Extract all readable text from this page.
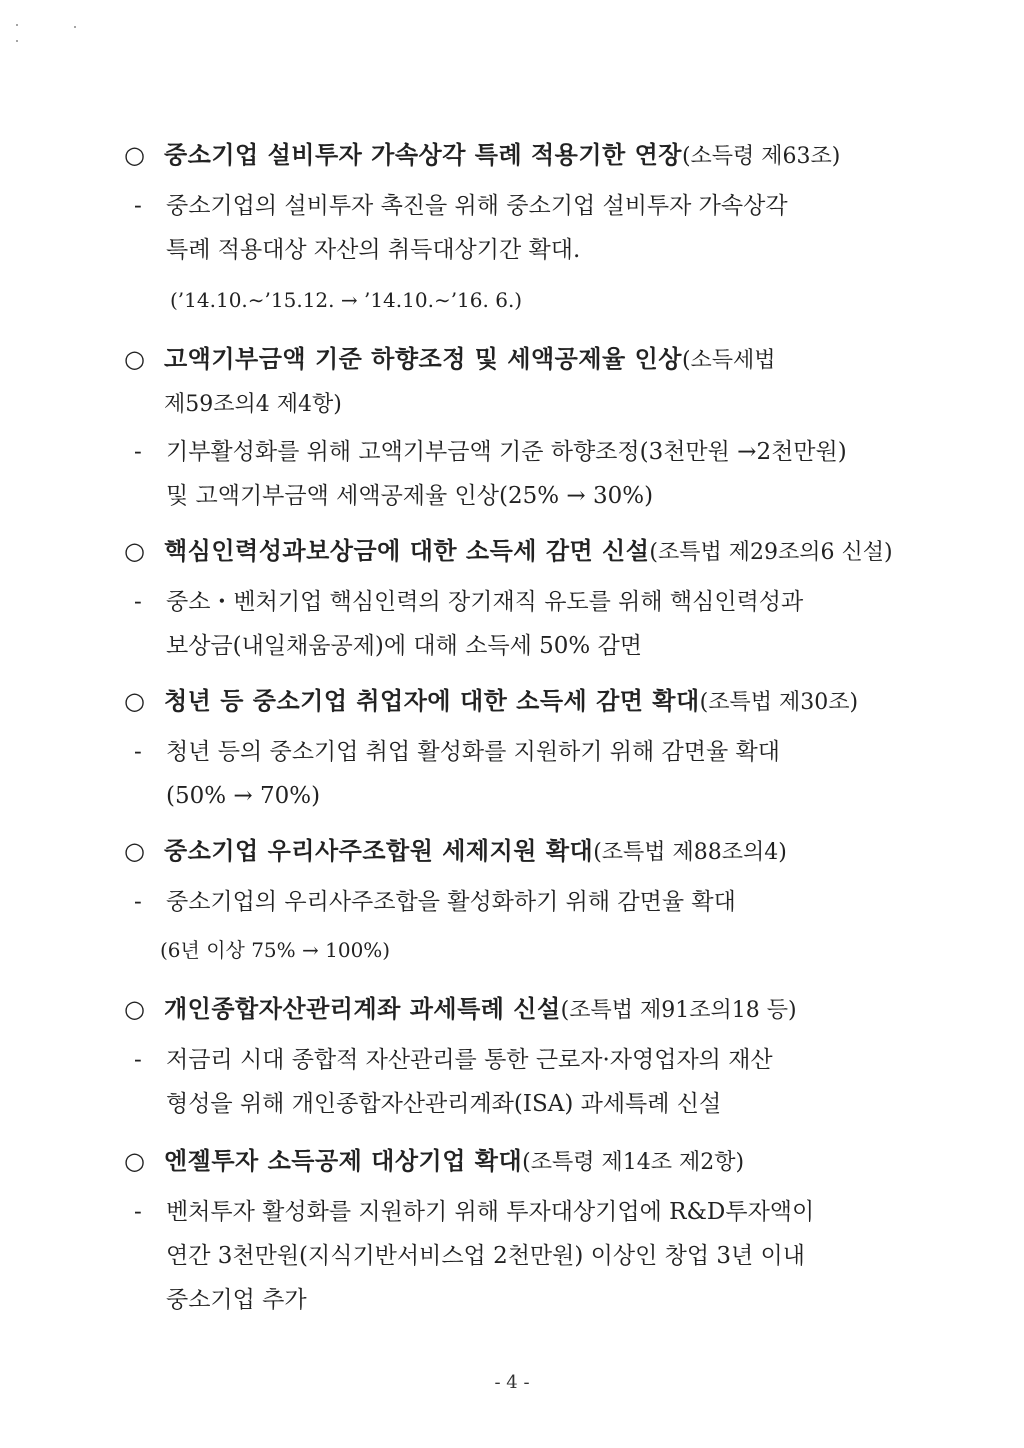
○ 중소기업 설비투자 가속상각 특례 적용기한 연장(소득령 제63조)
- 중소기업의 설비투자 촉진을 위해 중소기업 설비투자 가속상각
특례 적용대상 자산의 취득대상기간 확대.
(’14.10.∼’15.12. → ’14.10.∼’16. 6.)
○ 고액기부금액 기준 하향조정 및 세액공제율 인상(소득세법
제59조의4 제4항)
- 기부활성화를 위해 고액기부금액 기준 하향조정(3천만원 →2천만원)
및 고액기부금액 세액공제율 인상(25% → 30%)
○ 핵심인력성과보상금에 대한 소득세 감면 신설(조특법 제29조의6 신설)
- 중소・벤처기업 핵심인력의 장기재직 유도를 위해 핵심인력성과
보상금(내일채움공제)에 대해 소득세 50% 감면
○ 청년 등 중소기업 취업자에 대한 소득세 감면 확대(조특법 제30조)
- 청년 등의 중소기업 취업 활성화를 지원하기 위해 감면율 확대
(50% → 70%)
○ 중소기업 우리사주조합원 세제지원 확대(조특법 제88조의4)
- 중소기업의 우리사주조합을 활성화하기 위해 감면율 확대
(6년 이상 75% → 100%)
○ 개인종합자산관리계좌 과세특례 신설(조특법 제91조의18 등)
- 저금리 시대 종합적 자산관리를 통한 근로자·자영업자의 재산
형성을 위해 개인종합자산관리계좌(ISA) 과세특례 신설
○ 엔젤투자 소득공제 대상기업 확대(조특령 제14조 제2항)
- 벤처투자 활성화를 지원하기 위해 투자대상기업에 R&D투자액이
연간 3천만원(지식기반서비스업 2천만원) 이상인 창업 3년 이내
중소기업 추가
- 4 -
